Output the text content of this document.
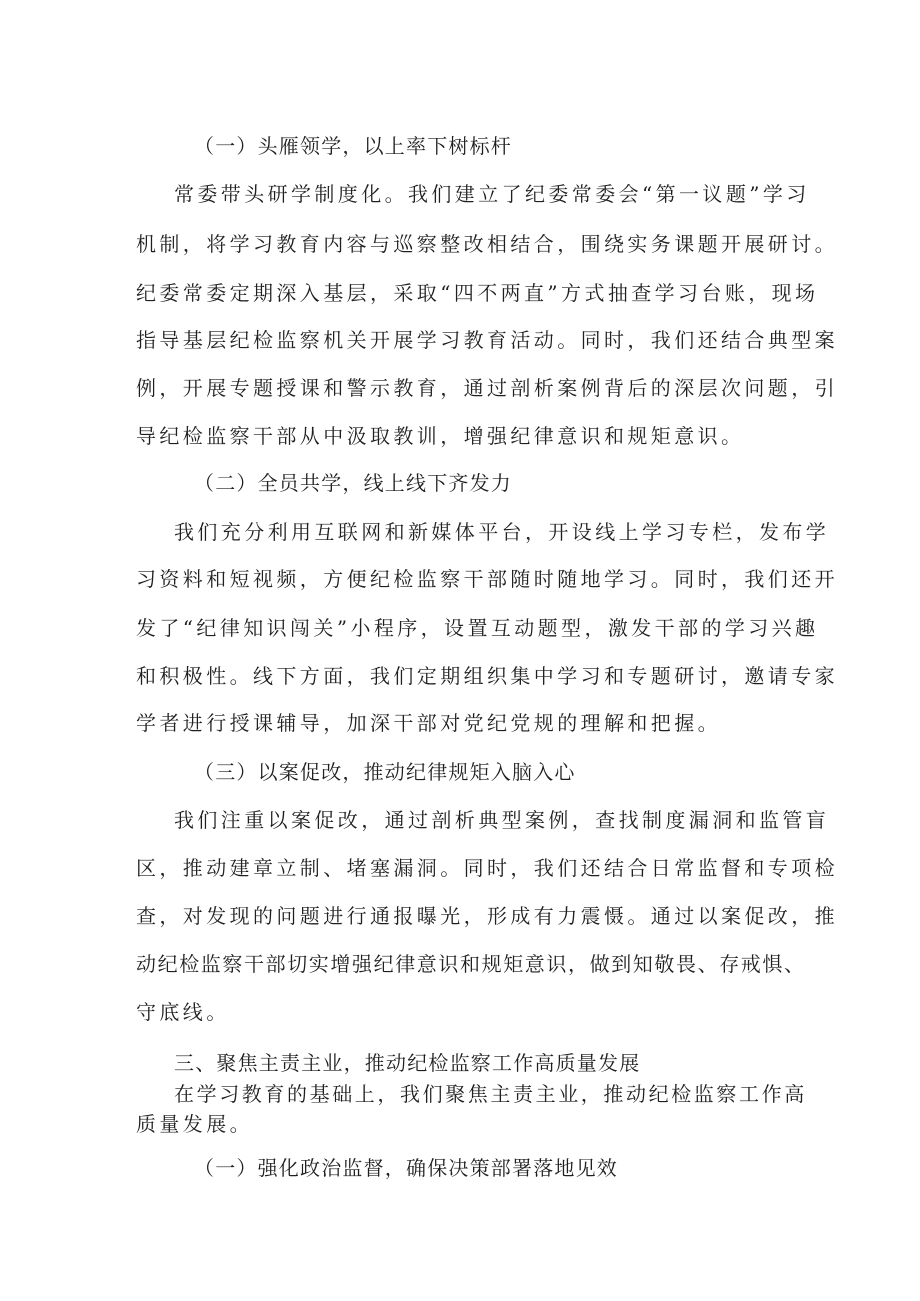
（一）头雁领学，以上率下树标杆
常委带头研学制度化。我们建立了纪委常委会“第一议题”学习
机制，将学习教育内容与巡察整改相结合，围绕实务课题开展研讨。
纪委常委定期深入基层，采取“四不两直”方式抽查学习台账，现场
指导基层纪检监察机关开展学习教育活动。同时，我们还结合典型案
例，开展专题授课和警示教育，通过剖析案例背后的深层次问题，引
导纪检监察干部从中汲取教训，增强纪律意识和规矩意识。
（二）全员共学，线上线下齐发力
我们充分利用互联网和新媒体平台，开设线上学习专栏，发布学
习资料和短视频，方便纪检监察干部随时随地学习。同时，我们还开
发了“纪律知识闯关”小程序，设置互动题型，激发干部的学习兴趣
和积极性。线下方面，我们定期组织集中学习和专题研讨，邀请专家
学者进行授课辅导，加深干部对党纪党规的理解和把握。
（三）以案促改，推动纪律规矩入脑入心
我们注重以案促改，通过剖析典型案例，查找制度漏洞和监管盲
区，推动建章立制、堵塞漏洞。同时，我们还结合日常监督和专项检
查，对发现的问题进行通报曝光，形成有力震慑。通过以案促改，推
动纪检监察干部切实增强纪律意识和规矩意识，做到知敬畏、存戒惧、
守底线。
三、聚焦主责主业，推动纪检监察工作高质量发展
在学习教育的基础上，我们聚焦主责主业，推动纪检监察工作高
质量发展。
（一）强化政治监督，确保决策部署落地见效
